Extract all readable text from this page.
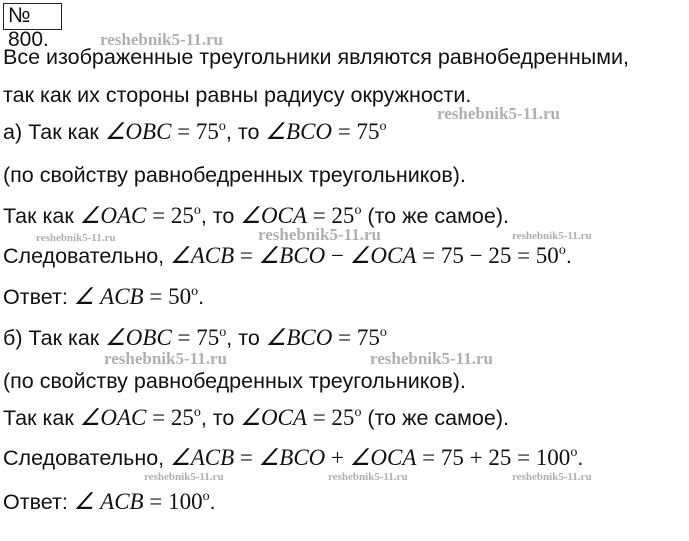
№ 800.
Все изображенные треугольники являются равнобедренными,
так как их стороны равны радиусу окружности.
а) Так как ∠OBC = $75^o$, то ∠BCO = $75^o$
(по свойству равнобедренных треугольников).
Так как ∠OAC = $25^o$, то ∠OCA = $25^o$ (то же самое).
Следовательно, ∠ACB = ∠BCO − ∠OCA = $75 - 25 = 50^o$.
Ответ: ∠ ACB = $50^o$.
б) Так как ∠OBC = $75^o$, то ∠BCO = $75^o$
(по свойству равнобедренных треугольников).
Так как ∠OAC = $25^o$, то ∠OCA = $25^o$ (то же самое).
Следовательно, ∠ACB = ∠BCO + ∠OCA = $75 + 25 = 100^o$.
Ответ: ∠ ACB = $100^o$.
reshebnik5-11.ru
reshebnik5-11.ru
reshebnik5-11.ru	reshebnik5-11.ru	reshebnik5-11.ru
reshebnik5-11.ru	reshebnik5-11.ru
reshebnik5-11.ru	reshebnik5-11.ru	reshebnik5-11.ru
